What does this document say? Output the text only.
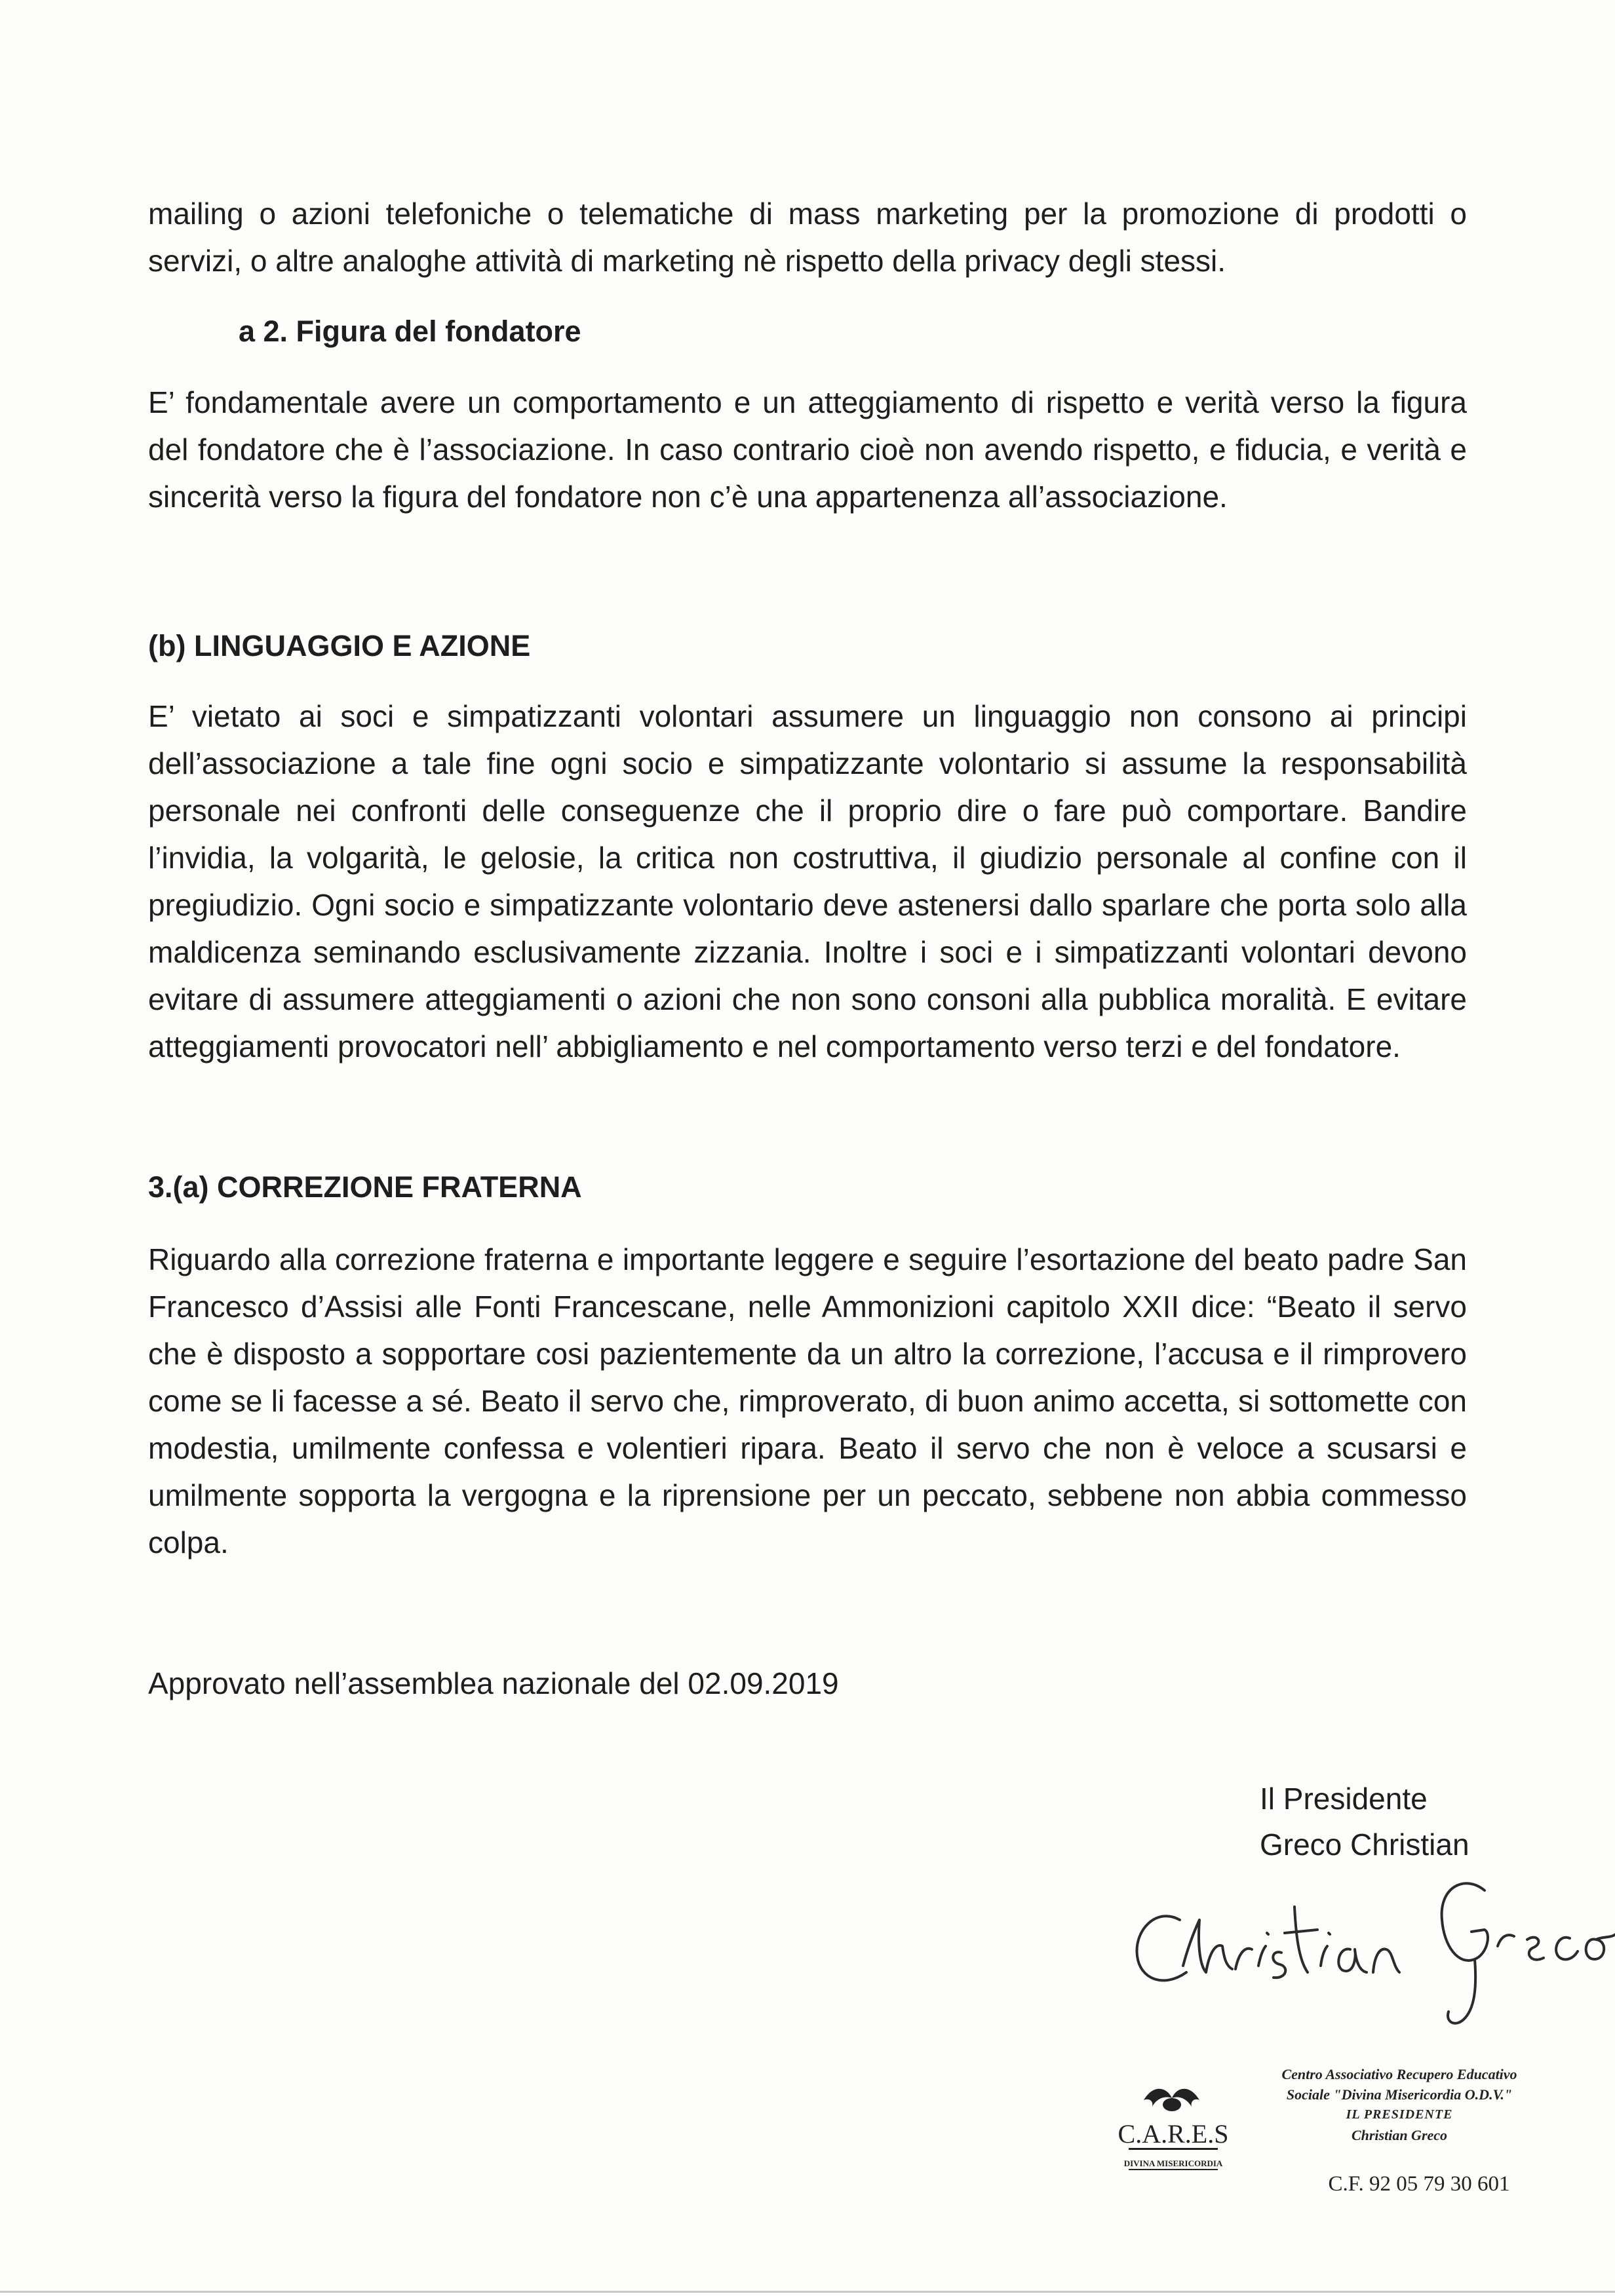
mailing o azioni telefoniche o telematiche di mass marketing per la promozione di prodotti o servizi, o altre analoghe attività di marketing nè rispetto della privacy degli stessi.

a 2. Figura del fondatore

E’ fondamentale avere un comportamento e un atteggiamento di rispetto e verità verso la figura del fondatore che è l’associazione. In caso contrario cioè non avendo rispetto, e fiducia, e verità e sincerità verso la figura del fondatore non c’è una appartenenza all’associazione.

(b) LINGUAGGIO E AZIONE

E’ vietato ai soci e simpatizzanti volontari assumere un linguaggio non consono ai principi dell’associazione a tale fine ogni socio e simpatizzante volontario si assume la responsabilità personale nei confronti delle conseguenze che il proprio dire o fare può comportare. Bandire l’invidia, la volgarità, le gelosie, la critica non costruttiva, il giudizio personale al confine con il pregiudizio. Ogni socio e simpatizzante volontario deve astenersi dallo sparlare che porta solo alla maldicenza seminando esclusivamente zizzania. Inoltre i soci e i simpatizzanti volontari devono evitare di assumere atteggiamenti o azioni che non sono consoni alla pubblica moralità. E evitare atteggiamenti provocatori nell’ abbigliamento e nel comportamento verso terzi e del fondatore.

3.(a) CORREZIONE FRATERNA

Riguardo alla correzione fraterna e importante leggere e seguire l’esortazione del beato padre San Francesco d’Assisi alle Fonti Francescane, nelle Ammonizioni capitolo XXII dice: “Beato il servo che è disposto a sopportare cosi pazientemente da un altro la correzione, l’accusa e il rimprovero come se li facesse a sé. Beato il servo che, rimproverato, di buon animo accetta, si sottomette con modestia, umilmente confessa e volentieri ripara. Beato il servo che non è veloce a scusarsi e umilmente sopporta la vergogna e la riprensione per un peccato, sebbene non abbia commesso colpa.

Approvato nell’assemblea nazionale del 02.09.2019

Il Presidente
Greco Christian
C.A.R.E.S
DIVINA MISERICORDIA
Centro Associativo Recupero Educativo
Sociale "Divina Misericordia O.D.V."
IL PRESIDENTE
Christian Greco
C.F. 92 05 79 30 601
